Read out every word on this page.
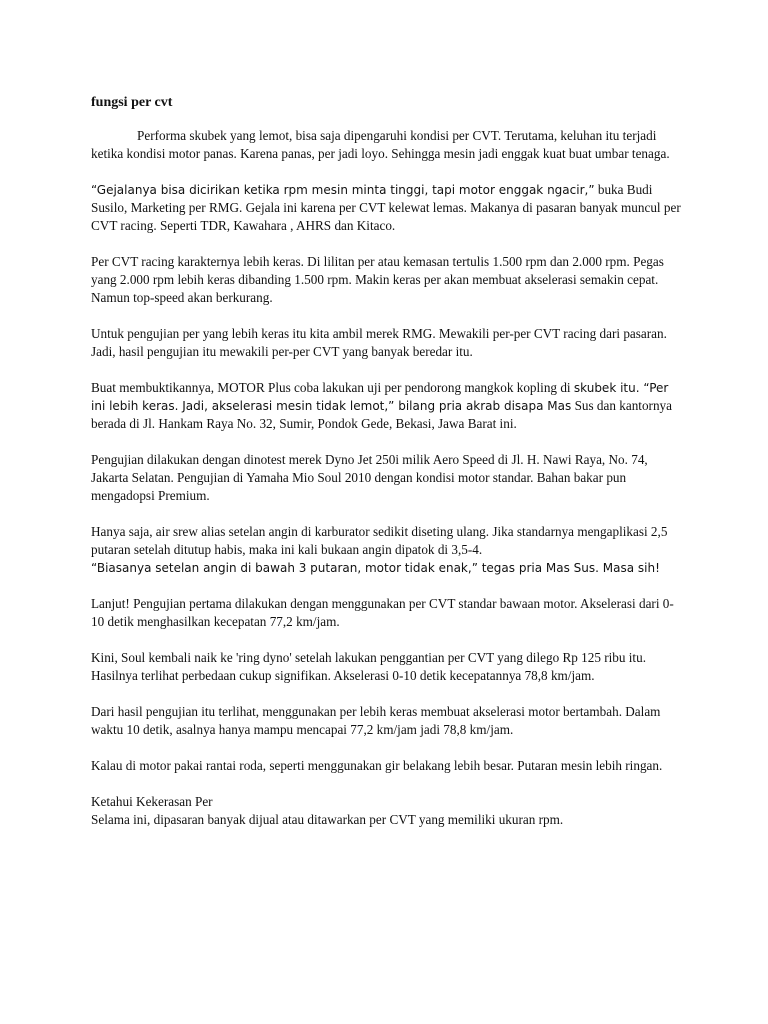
fungsi per cvt

Performa skubek yang lemot, bisa saja dipengaruhi kondisi per CVT. Terutama, keluhan itu terjadi ketika kondisi motor panas. Karena panas, per jadi loyo. Sehingga mesin jadi enggak kuat buat umbar tenaga.

“Gejalanya bisa dicirikan ketika rpm mesin minta tinggi, tapi motor enggak ngacir,” buka Budi Susilo, Marketing per RMG. Gejala ini karena per CVT kelewat lemas. Makanya di pasaran banyak muncul per CVT racing. Seperti TDR, Kawahara , AHRS dan Kitaco.

Per CVT racing karakternya lebih keras. Di lilitan per atau kemasan tertulis 1.500 rpm dan 2.000 rpm. Pegas yang 2.000 rpm lebih keras dibanding 1.500 rpm. Makin keras per akan membuat akselerasi semakin cepat. Namun top-speed akan berkurang.

Untuk pengujian per yang lebih keras itu kita ambil merek RMG. Mewakili per-per CVT racing dari pasaran. Jadi, hasil pengujian itu mewakili per-per CVT yang banyak beredar itu.

Buat membuktikannya, MOTOR Plus coba lakukan uji per pendorong mangkok kopling di skubek itu. “Per ini lebih keras. Jadi, akselerasi mesin tidak lemot,” bilang pria akrab disapa Mas Sus dan kantornya berada di Jl. Hankam Raya No. 32, Sumir, Pondok Gede, Bekasi, Jawa Barat ini.

Pengujian dilakukan dengan dinotest merek Dyno Jet 250i milik Aero Speed di Jl. H. Nawi Raya, No. 74, Jakarta Selatan. Pengujian di Yamaha Mio Soul 2010 dengan kondisi motor standar. Bahan bakar pun mengadopsi Premium.

Hanya saja, air srew alias setelan angin di karburator sedikit diseting ulang. Jika standarnya mengaplikasi 2,5 putaran setelah ditutup habis, maka ini kali bukaan angin dipatok di 3,5-4.
“Biasanya setelan angin di bawah 3 putaran, motor tidak enak,” tegas pria Mas Sus. Masa sih!

Lanjut! Pengujian pertama dilakukan dengan menggunakan per CVT standar bawaan motor. Akselerasi dari 0-10 detik menghasilkan kecepatan 77,2 km/jam.

Kini, Soul kembali naik ke 'ring dyno' setelah lakukan penggantian per CVT yang dilego Rp 125 ribu itu. Hasilnya terlihat perbedaan cukup signifikan. Akselerasi 0-10 detik kecepatannya 78,8 km/jam.

Dari hasil pengujian itu terlihat, menggunakan per lebih keras membuat akselerasi motor bertambah. Dalam waktu 10 detik, asalnya hanya mampu mencapai 77,2 km/jam jadi 78,8 km/jam.

Kalau di motor pakai rantai roda, seperti menggunakan gir belakang lebih besar. Putaran mesin lebih ringan.

Ketahui Kekerasan Per

Selama ini, dipasaran banyak dijual atau ditawarkan per CVT yang memiliki ukuran rpm.
